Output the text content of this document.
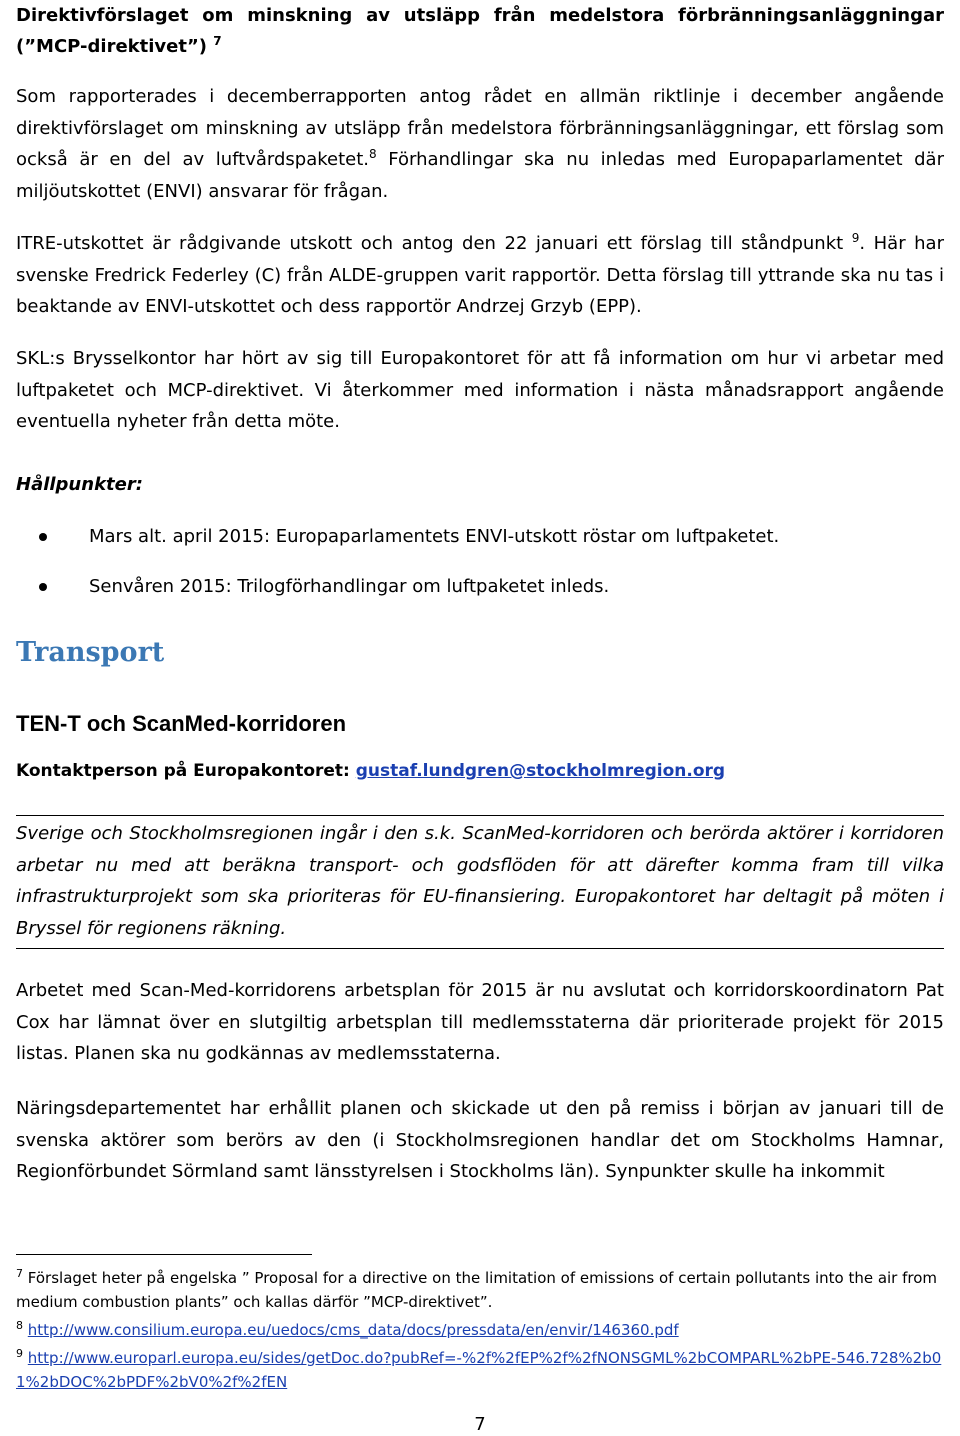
Direktivförslaget om minskning av utsläpp från medelstora förbränningsanläggningar (”MCP-direktivet”) $^7$

Som rapporterades i decemberrapporten antog rådet en allmän riktlinje i december angående direktivförslaget om minskning av utsläpp från medelstora förbränningsanläggningar, ett förslag som också är en del av luftvårdspaketet.$^8$ Förhandlingar ska nu inledas med Europaparlamentet där miljöutskottet (ENVI) ansvarar för frågan.

ITRE-utskottet är rådgivande utskott och antog den 22 januari ett förslag till ståndpunkt $^9$. Här har svenske Fredrick Federley (C) från ALDE-gruppen varit rapportör. Detta förslag till yttrande ska nu tas i beaktande av ENVI-utskottet och dess rapportör Andrzej Grzyb (EPP).

SKL:s Brysselkontor har hört av sig till Europakontoret för att få information om hur vi arbetar med luftpaketet och MCP-direktivet. Vi återkommer med information i nästa månadsrapport angående eventuella nyheter från detta möte.

Hållpunkter:

Mars alt. april 2015: Europaparlamentets ENVI-utskott röstar om luftpaketet.
Senvåren 2015: Trilogförhandlingar om luftpaketet inleds.
Transport
TEN-T och ScanMed-korridoren

Kontaktperson på Europakontoret: gustaf.lundgren@stockholmregion.org

Sverige och Stockholmsregionen ingår i den s.k. ScanMed-korridoren och berörda aktörer i korridoren arbetar nu med att beräkna transport- och godsflöden för att därefter komma fram till vilka infrastrukturprojekt som ska prioriteras för EU-finansiering. Europakontoret har deltagit på möten i Bryssel för regionens räkning.

Arbetet med Scan-Med-korridorens arbetsplan för 2015 är nu avslutat och korridorskoordinatorn Pat Cox har lämnat över en slutgiltig arbetsplan till medlemsstaterna där prioriterade projekt för 2015 listas. Planen ska nu godkännas av medlemsstaterna.

Näringsdepartementet har erhållit planen och skickade ut den på remiss i början av januari till de svenska aktörer som berörs av den (i Stockholmsregionen handlar det om Stockholms Hamnar, Regionförbundet Sörmland samt länsstyrelsen i Stockholms län). Synpunkter skulle ha inkommit

$^7$ Förslaget heter på engelska ” Proposal for a directive on the limitation of emissions of certain pollutants into the air from medium combustion plants” och kallas därför ”MCP-direktivet”.

$^8$ http://www.consilium.europa.eu/uedocs/cms_data/docs/pressdata/en/envir/146360.pdf

$^9$ http://www.europarl.europa.eu/sides/getDoc.do?pubRef=-%2f%2fEP%2f%2fNONSGML%2bCOMPARL%2bPE-546.728%2b01%2bDOC%2bPDF%2bV0%2f%2fEN

7
